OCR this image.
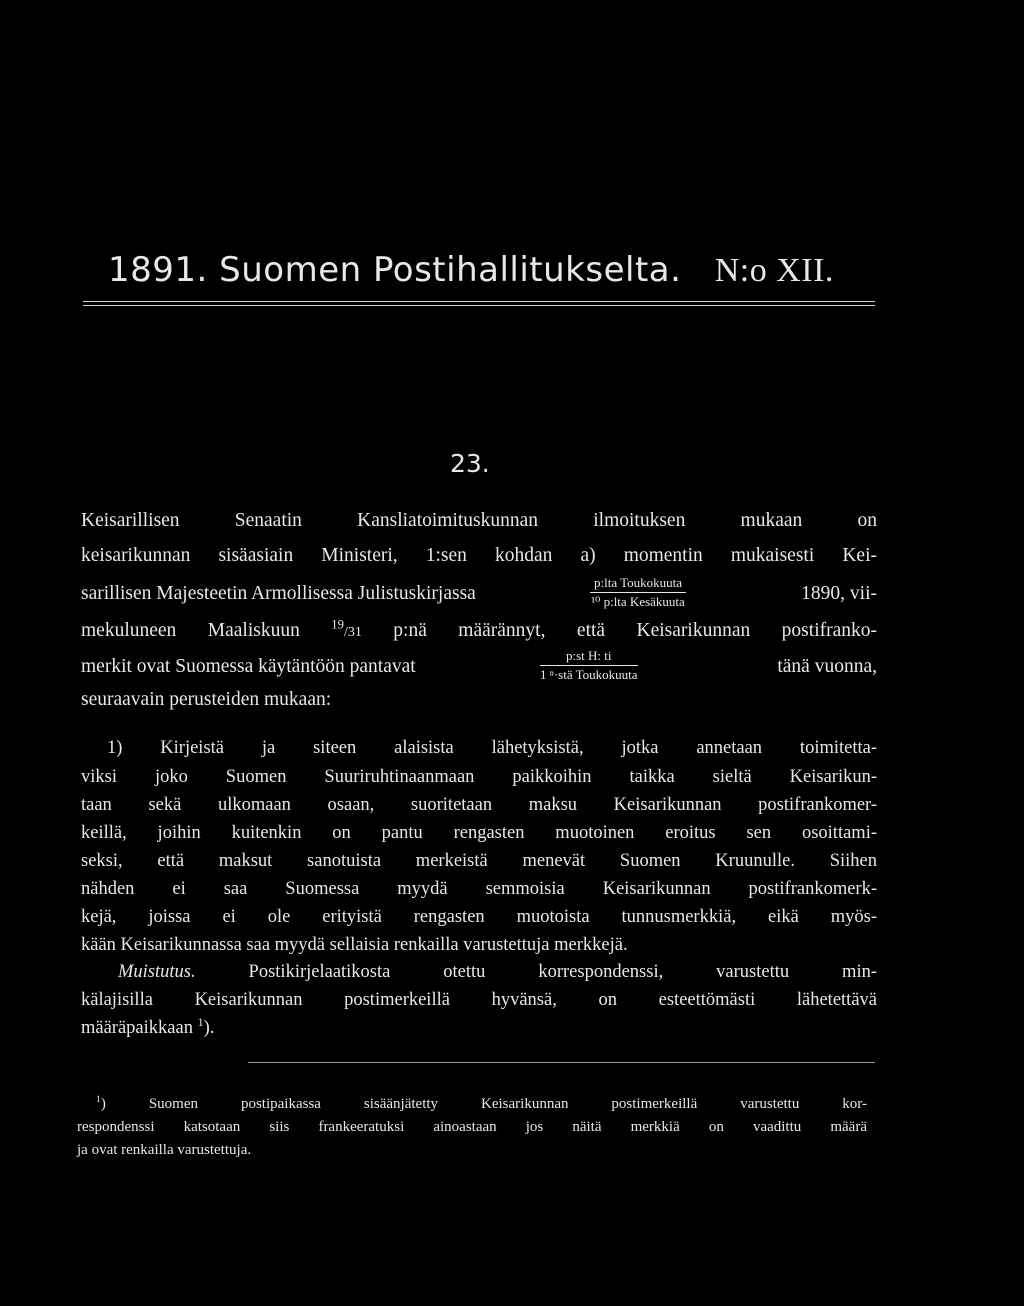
1891. Suomen Postihallitukselta. N:o XII.
23.
Keisarillisen Senaatin Kansliatoimituskunnan ilmoituksen mukaan on
keisarikunnan sisäasiain Ministeri, 1:sen kohdan a) momentin mukaisesti Kei-
sarillisen Majesteetin Armollisessa Julistuskirjassa
p:lta Toukokuuta
¹⁰ p:lta Kesäkuuta	1890, vii-
mekuluneen Maaliskuun $^{19}$/31 p:nä määrännyt, että Keisarikunnan postifranko-
merkit ovat Suomessa käytäntöön pantavat
p:st H: ti
1 ⁿ·stä Toukokuuta	tänä vuonna,
seuraavain perusteiden mukaan:
1) Kirjeistä ja siteen alaisista lähetyksistä, jotka annetaan toimitetta-
viksi joko Suomen Suuriruhtinaanmaan paikkoihin taikka sieltä Keisarikun-
taan sekä ulkomaan osaan, suoritetaan maksu Keisarikunnan postifrankomer-
keillä, joihin kuitenkin on pantu rengasten muotoinen eroitus sen osoittami-
seksi, että maksut sanotuista merkeistä menevät Suomen Kruunulle. Siihen
nähden ei saa Suomessa myydä semmoisia Keisarikunnan postifrankomerk-
kejä, joissa ei ole erityistä rengasten muotoista tunnusmerkkiä, eikä myös-
kään Keisarikunnassa saa myydä sellaisia renkailla varustettuja merkkejä.
Muistutus.	Postikirjelaatikosta otettu korrespondenssi, varustettu min-
kälajisilla Keisarikunnan postimerkeillä hyvänsä, on esteettömästi lähetettävä
määräpaikkaan $^1$).
$^1$) Suomen postipaikassa sisäänjätetty Keisarikunnan postimerkeillä varustettu kor-
respondenssi katsotaan siis frankeeratuksi ainoastaan jos näitä merkkiä on vaadittu määrä
ja ovat renkailla varustettuja.
